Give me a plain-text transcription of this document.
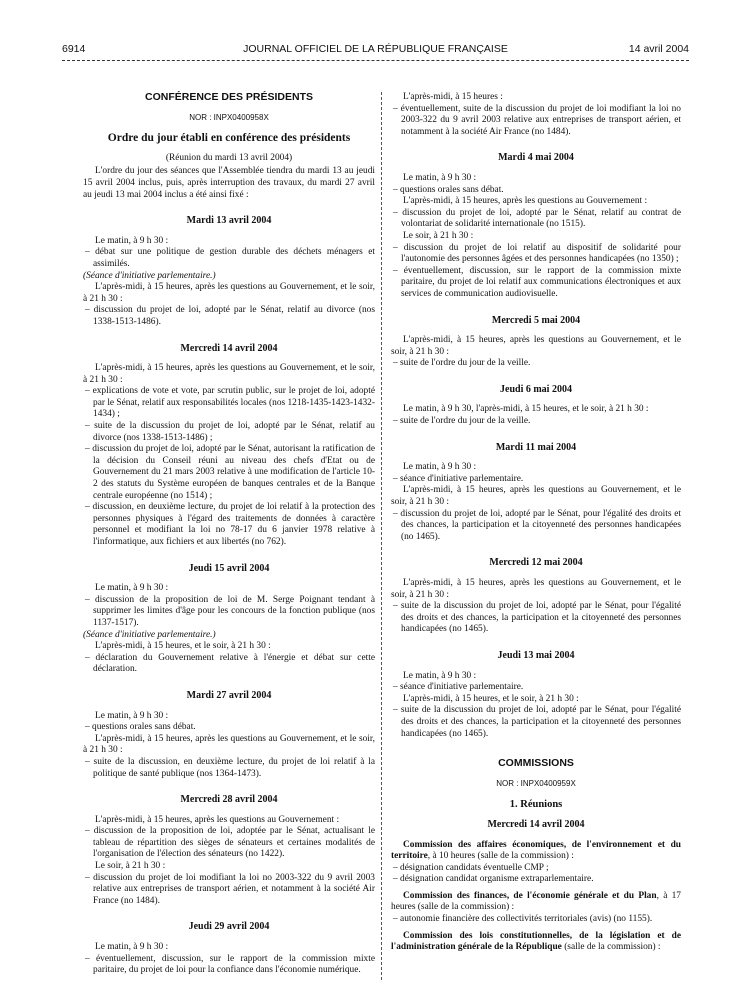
6914	JOURNAL OFFICIEL DE LA RÉPUBLIQUE FRANÇAISE	14 avril 2004
CONFÉRENCE DES PRÉSIDENTS
NOR : INPX0400958X
Ordre du jour établi en conférence des présidents

(Réunion du mardi 13 avril 2004)

L'ordre du jour des séances que l'Assemblée tiendra du mardi 13 au jeudi 15 avril 2004 inclus, puis, après interruption des travaux, du mardi 27 avril au jeudi 13 mai 2004 inclus a été ainsi fixé :

Mardi 13 avril 2004

Le matin, à 9 h 30 :

– débat sur une politique de gestion durable des déchets ménagers et assimilés.

(Séance d'initiative parlementaire.)

L'après-midi, à 15 heures, après les questions au Gouvernement, et le soir, à 21 h 30 :

– discussion du projet de loi, adopté par le Sénat, relatif au divorce (nos 1338-1513-1486).

Mercredi 14 avril 2004

L'après-midi, à 15 heures, après les questions au Gouvernement, et le soir, à 21 h 30 :

– explications de vote et vote, par scrutin public, sur le projet de loi, adopté par le Sénat, relatif aux responsabilités locales (nos 1218-1435-1423-1432-1434) ;

– suite de la discussion du projet de loi, adopté par le Sénat, relatif au divorce (nos 1338-1513-1486) ;

– discussion du projet de loi, adopté par le Sénat, autorisant la ratification de la décision du Conseil réuni au niveau des chefs d'Etat ou de Gouvernement du 21 mars 2003 relative à une modification de l'article 10-2 des statuts du Système européen de banques centrales et de la Banque centrale européenne (no 1514) ;

– discussion, en deuxième lecture, du projet de loi relatif à la protection des personnes physiques à l'égard des traitements de données à caractère personnel et modifiant la loi no 78-17 du 6 janvier 1978 relative à l'informatique, aux fichiers et aux libertés (no 762).

Jeudi 15 avril 2004

Le matin, à 9 h 30 :

– discussion de la proposition de loi de M. Serge Poignant tendant à supprimer les limites d'âge pour les concours de la fonction publique (nos 1137-1517).

(Séance d'initiative parlementaire.)

L'après-midi, à 15 heures, et le soir, à 21 h 30 :

– déclaration du Gouvernement relative à l'énergie et débat sur cette déclaration.

Mardi 27 avril 2004

Le matin, à 9 h 30 :

– questions orales sans débat.

L'après-midi, à 15 heures, après les questions au Gouvernement, et le soir, à 21 h 30 :

– suite de la discussion, en deuxième lecture, du projet de loi relatif à la politique de santé publique (nos 1364-1473).

Mercredi 28 avril 2004

L'après-midi, à 15 heures, après les questions au Gouvernement :

– discussion de la proposition de loi, adoptée par le Sénat, actualisant le tableau de répartition des sièges de sénateurs et certaines modalités de l'organisation de l'élection des sénateurs (no 1422).

Le soir, à 21 h 30 :

– discussion du projet de loi modifiant la loi no 2003-322 du 9 avril 2003 relative aux entreprises de transport aérien, et notamment à la société Air France (no 1484).

Jeudi 29 avril 2004

Le matin, à 9 h 30 :

– éventuellement, discussion, sur le rapport de la commission mixte paritaire, du projet de loi pour la confiance dans l'économie numérique.

L'après-midi, à 15 heures :

– éventuellement, suite de la discussion du projet de loi modifiant la loi no 2003-322 du 9 avril 2003 relative aux entreprises de transport aérien, et notamment à la société Air France (no 1484).

Mardi 4 mai 2004

Le matin, à 9 h 30 :

– questions orales sans débat.

L'après-midi, à 15 heures, après les questions au Gouvernement :

– discussion du projet de loi, adopté par le Sénat, relatif au contrat de volontariat de solidarité internationale (no 1515).

Le soir, à 21 h 30 :

– discussion du projet de loi relatif au dispositif de solidarité pour l'autonomie des personnes âgées et des personnes handicapées (no 1350) ;

– éventuellement, discussion, sur le rapport de la commission mixte paritaire, du projet de loi relatif aux communications électroniques et aux services de communication audiovisuelle.

Mercredi 5 mai 2004

L'après-midi, à 15 heures, après les questions au Gouvernement, et le soir, à 21 h 30 :

– suite de l'ordre du jour de la veille.

Jeudi 6 mai 2004

Le matin, à 9 h 30, l'après-midi, à 15 heures, et le soir, à 21 h 30 :

– suite de l'ordre du jour de la veille.

Mardi 11 mai 2004

Le matin, à 9 h 30 :

– séance d'initiative parlementaire.

L'après-midi, à 15 heures, après les questions au Gouvernement, et le soir, à 21 h 30 :

– discussion du projet de loi, adopté par le Sénat, pour l'égalité des droits et des chances, la participation et la citoyenneté des personnes handicapées (no 1465).

Mercredi 12 mai 2004

L'après-midi, à 15 heures, après les questions au Gouvernement, et le soir, à 21 h 30 :

– suite de la discussion du projet de loi, adopté par le Sénat, pour l'égalité des droits et des chances, la participation et la citoyenneté des personnes handicapées (no 1465).

Jeudi 13 mai 2004

Le matin, à 9 h 30 :

– séance d'initiative parlementaire.

L'après-midi, à 15 heures, et le soir, à 21 h 30 :

– suite de la discussion du projet de loi, adopté par le Sénat, pour l'égalité des droits et des chances, la participation et la citoyenneté des personnes handicapées (no 1465).

COMMISSIONS
NOR : INPX0400959X
1. Réunions
Mercredi 14 avril 2004

Commission des affaires économiques, de l'environnement et du territoire, à 10 heures (salle de la commission) :

– désignation candidats éventuelle CMP ;

– désignation candidat organisme extraparlementaire.

Commission des finances, de l'économie générale et du Plan, à 17 heures (salle de la commission) :

– autonomie financière des collectivités territoriales (avis) (no 1155).

Commission des lois constitutionnelles, de la législation et de l'administration générale de la République (salle de la commission) :
